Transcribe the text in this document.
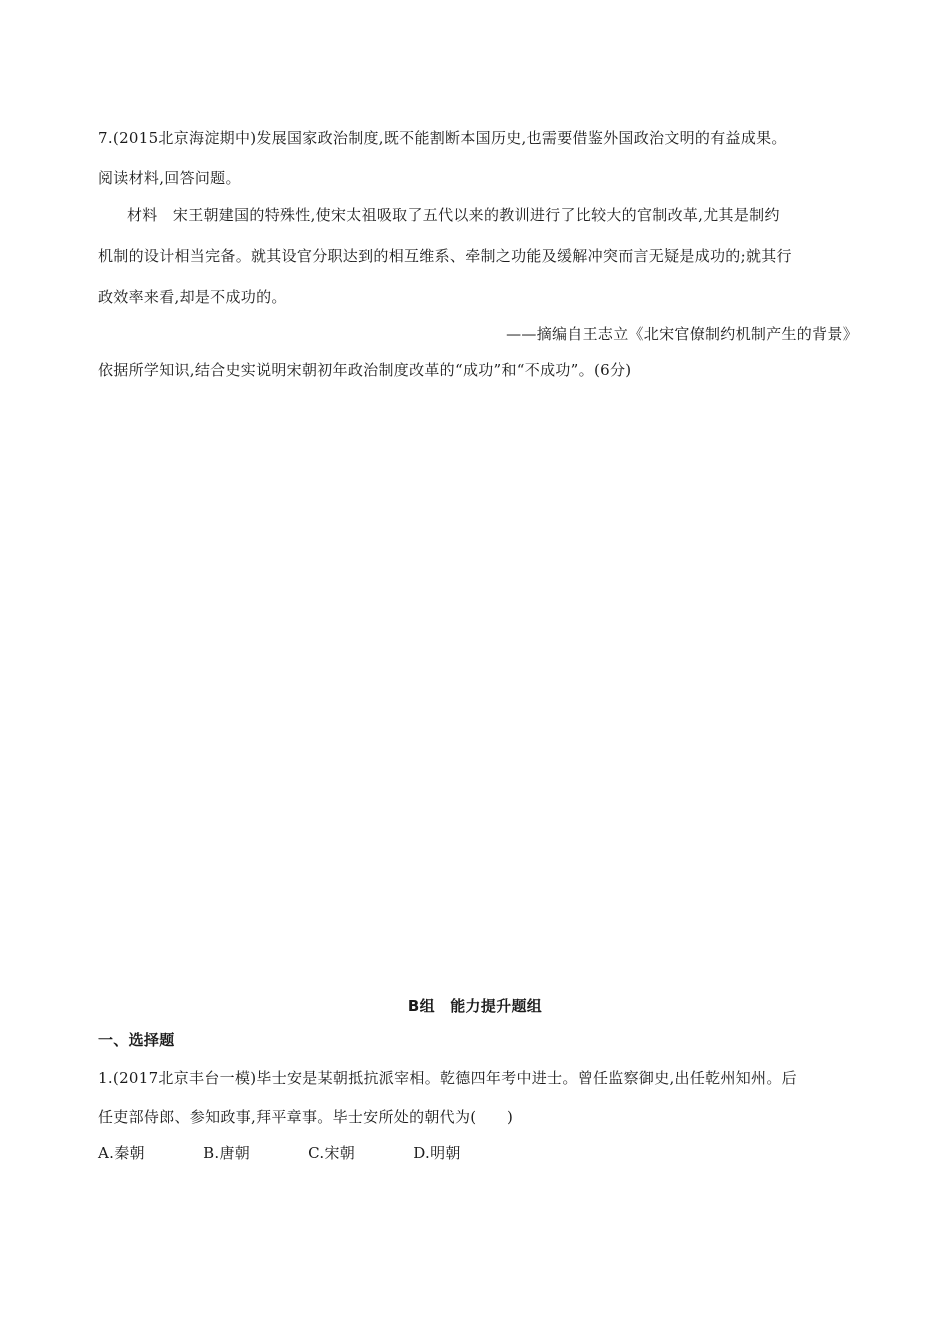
7.(2015北京海淀期中)发展国家政治制度,既不能割断本国历史,也需要借鉴外国政治文明的有益成果。
阅读材料,回答问题。
材料　宋王朝建国的特殊性,使宋太祖吸取了五代以来的教训进行了比较大的官制改革,尤其是制约
机制的设计相当完备。就其设官分职达到的相互维系、牵制之功能及缓解冲突而言无疑是成功的;就其行
政效率来看,却是不成功的。
——摘编自王志立《北宋官僚制约机制产生的背景》
依据所学知识,结合史实说明宋朝初年政治制度改革的“成功”和“不成功”。(6分)
B组　能力提升题组
一、选择题
1.(2017北京丰台一模)毕士安是某朝抵抗派宰相。乾德四年考中进士。曾任监察御史,出任乾州知州。后
任吏部侍郎、参知政事,拜平章事。毕士安所处的朝代为(　　)
A.秦朝	B.唐朝	C.宋朝	D.明朝
